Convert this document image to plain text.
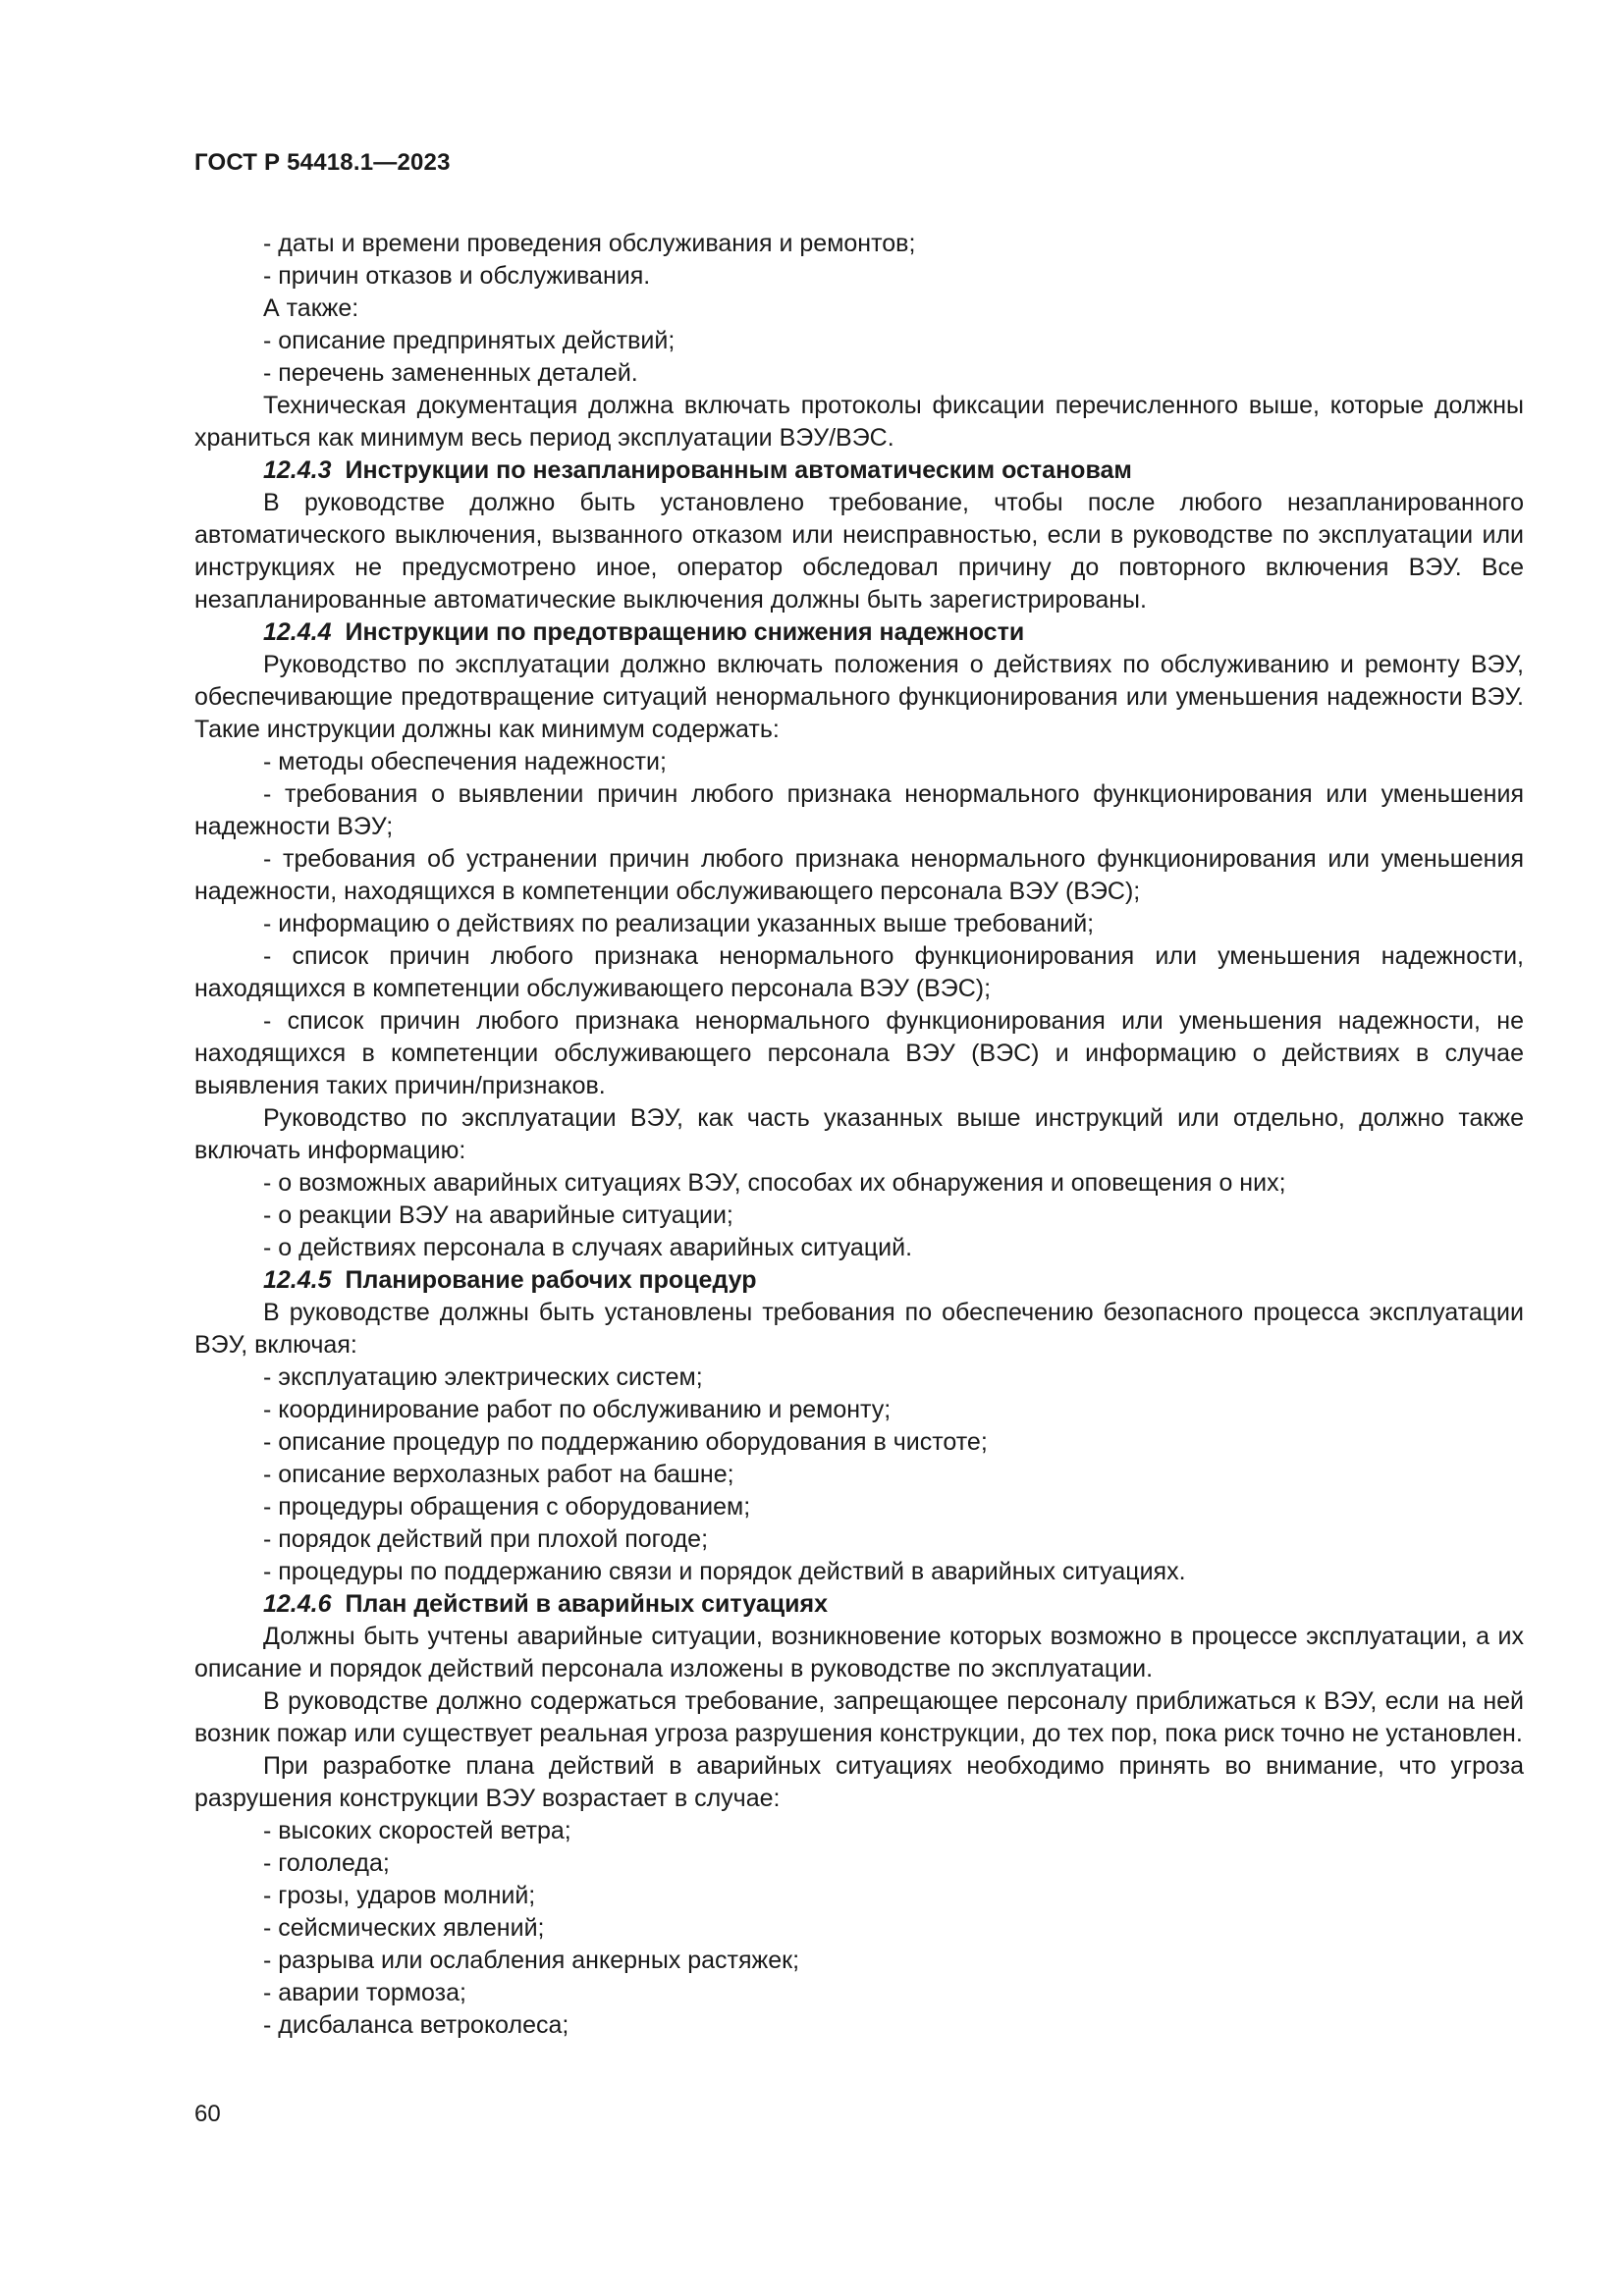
ГОСТ Р 54418.1—2023

- даты и времени проведения обслуживания и ремонтов;

- причин отказов и обслуживания.

А также:

- описание предпринятых действий;

- перечень замененных деталей.

Техническая документация должна включать протоколы фиксации перечисленного выше, которые должны храниться как минимум весь период эксплуатации ВЭУ/ВЭС.

12.4.3 Инструкции по незапланированным автоматическим остановам

В руководстве должно быть установлено требование, чтобы после любого незапланированного автоматического выключения, вызванного отказом или неисправностью, если в руководстве по эксплуатации или инструкциях не предусмотрено иное, оператор обследовал причину до повторного включения ВЭУ. Все незапланированные автоматические выключения должны быть зарегистрированы.

12.4.4 Инструкции по предотвращению снижения надежности

Руководство по эксплуатации должно включать положения о действиях по обслуживанию и ремонту ВЭУ, обеспечивающие предотвращение ситуаций ненормального функционирования или уменьшения надежности ВЭУ. Такие инструкции должны как минимум содержать:

- методы обеспечения надежности;

- требования о выявлении причин любого признака ненормального функционирования или уменьшения надежности ВЭУ;

- требования об устранении причин любого признака ненормального функционирования или уменьшения надежности, находящихся в компетенции обслуживающего персонала ВЭУ (ВЭС);

- информацию о действиях по реализации указанных выше требований;

- список причин любого признака ненормального функционирования или уменьшения надежности, находящихся в компетенции обслуживающего персонала ВЭУ (ВЭС);

- список причин любого признака ненормального функционирования или уменьшения надежности, не находящихся в компетенции обслуживающего персонала ВЭУ (ВЭС) и информацию о действиях в случае выявления таких причин/признаков.

Руководство по эксплуатации ВЭУ, как часть указанных выше инструкций или отдельно, должно также включать информацию:

- о возможных аварийных ситуациях ВЭУ, способах их обнаружения и оповещения о них;

- о реакции ВЭУ на аварийные ситуации;

- о действиях персонала в случаях аварийных ситуаций.

12.4.5 Планирование рабочих процедур

В руководстве должны быть установлены требования по обеспечению безопасного процесса эксплуатации ВЭУ, включая:

- эксплуатацию электрических систем;

- координирование работ по обслуживанию и ремонту;

- описание процедур по поддержанию оборудования в чистоте;

- описание верхолазных работ на башне;

- процедуры обращения с оборудованием;

- порядок действий при плохой погоде;

- процедуры по поддержанию связи и порядок действий в аварийных ситуациях.

12.4.6 План действий в аварийных ситуациях

Должны быть учтены аварийные ситуации, возникновение которых возможно в процессе эксплуатации, а их описание и порядок действий персонала изложены в руководстве по эксплуатации.

В руководстве должно содержаться требование, запрещающее персоналу приближаться к ВЭУ, если на ней возник пожар или существует реальная угроза разрушения конструкции, до тех пор, пока риск точно не установлен.

При разработке плана действий в аварийных ситуациях необходимо принять во внимание, что угроза разрушения конструкции ВЭУ возрастает в случае:

- высоких скоростей ветра;

- гололеда;

- грозы, ударов молний;

- сейсмических явлений;

- разрыва или ослабления анкерных растяжек;

- аварии тормоза;

- дисбаланса ветроколеса;

60
